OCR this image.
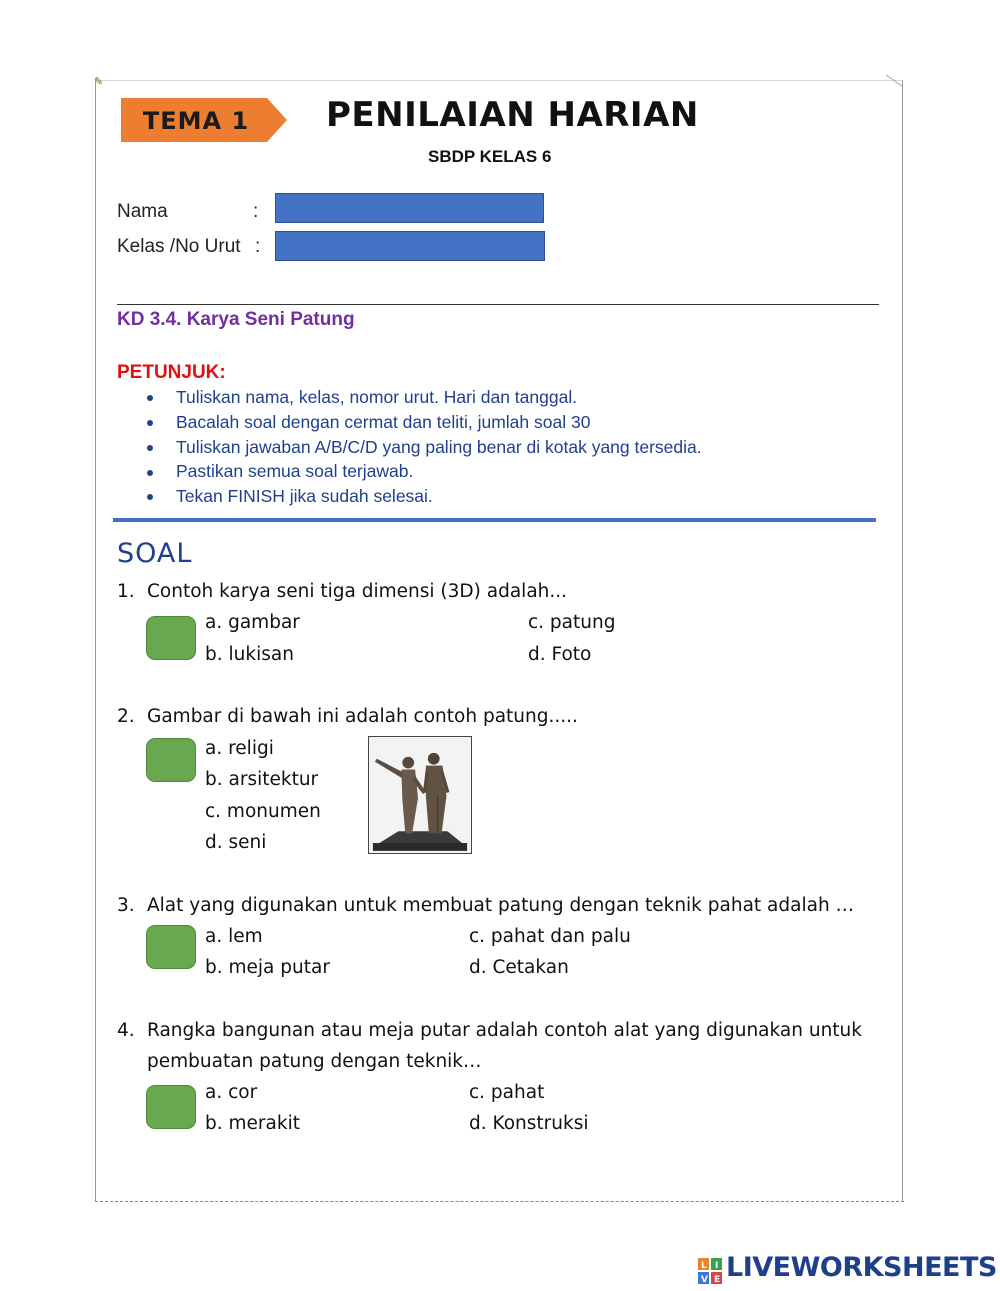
✎
TEMA 1	PENILAIAN HARIAN
SBDP KELAS 6
Nama	:
Kelas /No Urut :
KD 3.4. Karya Seni Patung
PETUNJUK:
Tuliskan nama, kelas, nomor urut. Hari dan tanggal.
Bacalah soal dengan cermat dan teliti, jumlah soal 30
Tuliskan jawaban A/B/C/D yang paling benar di kotak yang tersedia.
Pastikan semua soal terjawab.
Tekan FINISH jika sudah selesai.
SOAL
1. Contoh karya seni tiga dimensi (3D) adalah...
a. gambar
b. lukisan
c. patung
d. Foto
2. Gambar di bawah ini adalah contoh patung.....
a. religi
b. arsitektur
c. monumen
d. seni
3. Alat yang digunakan untuk membuat patung dengan teknik pahat adalah …
a. lem
b. meja putar
c. pahat dan palu
d. Cetakan
4. Rangka bangunan atau meja putar adalah contoh alat yang digunakan untuk
pembuatan patung dengan teknik…
a. cor
b. merakit
c. pahat
d. Konstruksi
L I
V E LIVEWORKSHEETS
